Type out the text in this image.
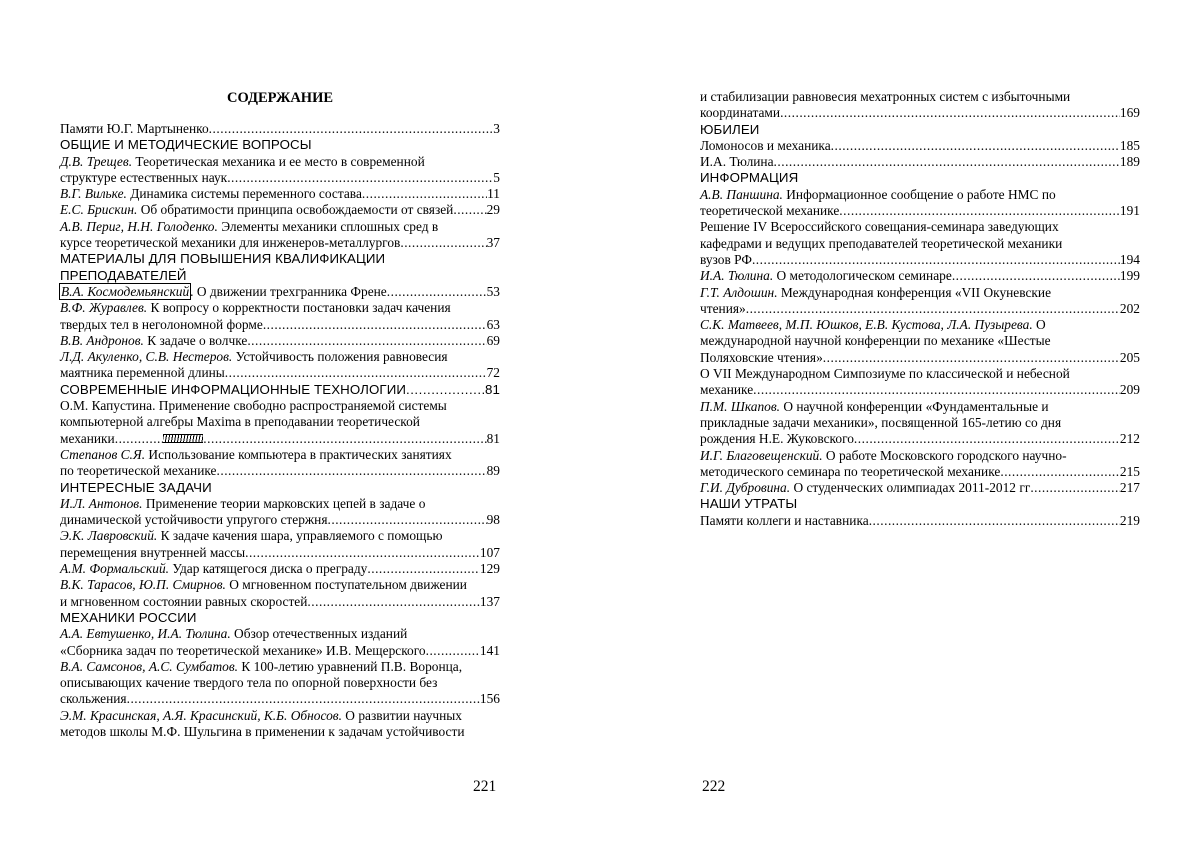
СОДЕРЖАНИЕ
Памяти Ю.Г. Мартыненко .....	3
ОБЩИЕ И МЕТОДИЧЕСКИЕ ВОПРОСЫ
Д.В. Трещев. Теоретическая механика и ее место в современной
структуре естественных наук .....	5
В.Г. Вильке. Динамика системы переменного состава .....	11
Е.С. Брискин. Об обратимости принципа освобождаемости от связей ..... 29
А.В. Периг, Н.Н. Голоденко. Элементы механики сплошных сред в
курсе теоретической механики для инженеров-металлургов .....	37
МАТЕРИАЛЫ ДЛЯ ПОВЫШЕНИЯ КВАЛИФИКАЦИИ
ПРЕПОДАВАТЕЛЕЙ
В.А. Космодемьянский. О движении трехгранника Френе .....	53
В.Ф. Журавлев. К вопросу о корректности постановки задач качения
твердых тел в неголономной форме .....	63
В.В. Андронов. К задаче о волчке .....	69
Л.Д. Акуленко, С.В. Нестеров. Устойчивость положения равновесия
маятника переменной длины .....	72
СОВРЕМЕННЫЕ ИНФОРМАЦИОННЫЕ ТЕХНОЛОГИИ .....	81
О.М. Капустина. Применение свободно распространяемой системы
компьютерной алгебры Maxima в преподавании теоретической
механики ..... .....	81
Степанов С.Я. Использование компьютера в практических занятиях
по теоретической механике .....	89
ИНТЕРЕСНЫЕ ЗАДАЧИ
И.Л. Антонов. Применение теории марковских цепей в задаче о
динамической устойчивости упругого стержня .....	98
Э.К. Лавровский. К задаче качения шара, управляемого с помощью
перемещения внутренней массы .....	107
А.М. Формальский. Удар катящегося диска о преграду .....	129
В.К. Тарасов, Ю.П. Смирнов. О мгновенном поступательном движении
и мгновенном состоянии равных скоростей .....	137
МЕХАНИКИ РОССИИ
А.А. Евтушенко, И.А. Тюлина. Обзор отечественных изданий
«Сборника задач по теоретической механике» И.В. Мещерского .....	141
В.А. Самсонов, А.С. Сумбатов. К 100-летию уравнений П.В. Воронца,
описывающих качение твердого тела по опорной поверхности без
скольжения .....	156
Э.М. Красинская, А.Я. Красинский, К.Б. Обносов. О развитии научных
методов школы М.Ф. Шульгина в применении к задачам устойчивости
221
и стабилизации равновесия мехатронных систем с избыточными
координатами .....	169
ЮБИЛЕИ
Ломоносов и механика .....	185
И.А. Тюлина .....	189
ИНФОРМАЦИЯ
А.В. Паншина. Информационное сообщение о работе НМС по
теоретической механике .....	191
Решение IV Всероссийского совещания-семинара заведующих
кафедрами и ведущих преподавателей теоретической механики
вузов РФ .....	194
И.А. Тюлина. О методологическом семинаре .....	199
Г.Т. Алдошин. Международная конференция «VII Окуневские
чтения» .....	202
С.К. Матвеев, М.П. Юшков, Е.В. Кустова, Л.А. Пузырева. О
международной научной конференции по механике «Шестые
Поляховские чтения» .....	205
О VII Международном Симпозиуме по классической и небесной
механике .....	209
П.М. Шкапов. О научной конференции «Фундаментальные и
прикладные задачи механики», посвященной 165-летию со дня
рождения Н.Е. Жуковского .....	212
И.Г. Благовещенский. О работе Московского городского научно-
методического семинара по теоретической механике .....	215
Г.И. Дубровина. О студенческих олимпиадах 2011-2012 гг .....	217
НАШИ УТРАТЫ
Памяти коллеги и наставника .....	219
222
